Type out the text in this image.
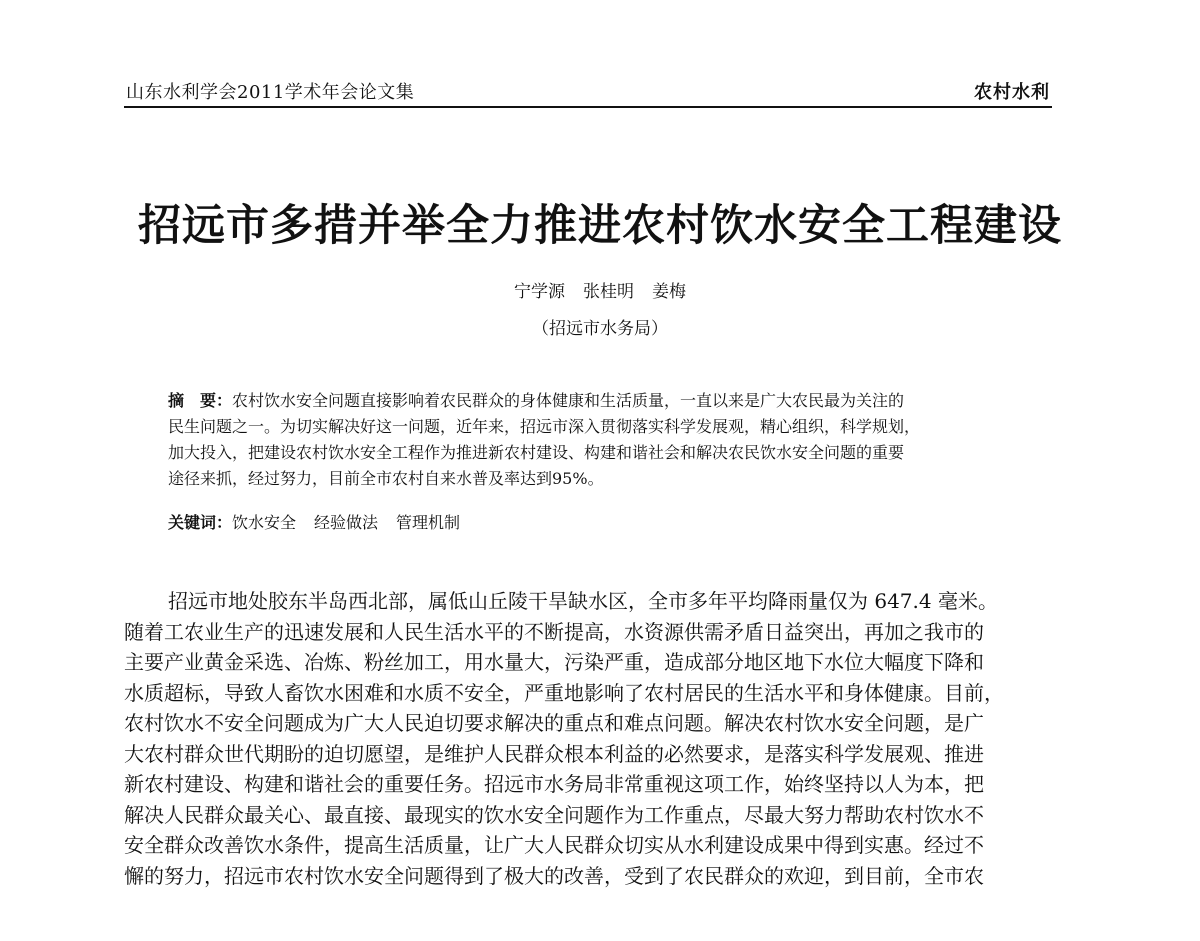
山东水利学会2011学术年会论文集	农村水利
招远市多措并举全力推进农村饮水安全工程建设
宁学源 张桂明 姜梅
（招远市水务局）
摘　要：农村饮水安全问题直接影响着农民群众的身体健康和生活质量，一直以来是广大农民最为关注的
民生问题之一。为切实解决好这一问题，近年来，招远市深入贯彻落实科学发展观，精心组织，科学规划，
加大投入，把建设农村饮水安全工程作为推进新农村建设、构建和谐社会和解决农民饮水安全问题的重要
途径来抓，经过努力，目前全市农村自来水普及率达到95%。
关键词：饮水安全 经验做法 管理机制
招远市地处胶东半岛西北部，属低山丘陵干旱缺水区，全市多年平均降雨量仅为 647.4 毫米。
随着工农业生产的迅速发展和人民生活水平的不断提高，水资源供需矛盾日益突出，再加之我市的
主要产业黄金采选、冶炼、粉丝加工，用水量大，污染严重，造成部分地区地下水位大幅度下降和
水质超标，导致人畜饮水困难和水质不安全，严重地影响了农村居民的生活水平和身体健康。目前，
农村饮水不安全问题成为广大人民迫切要求解决的重点和难点问题。解决农村饮水安全问题，是广
大农村群众世代期盼的迫切愿望，是维护人民群众根本利益的必然要求，是落实科学发展观、推进
新农村建设、构建和谐社会的重要任务。招远市水务局非常重视这项工作，始终坚持以人为本，把
解决人民群众最关心、最直接、最现实的饮水安全问题作为工作重点，尽最大努力帮助农村饮水不
安全群众改善饮水条件，提高生活质量，让广大人民群众切实从水利建设成果中得到实惠。经过不
懈的努力，招远市农村饮水安全问题得到了极大的改善，受到了农民群众的欢迎，到目前，全市农
